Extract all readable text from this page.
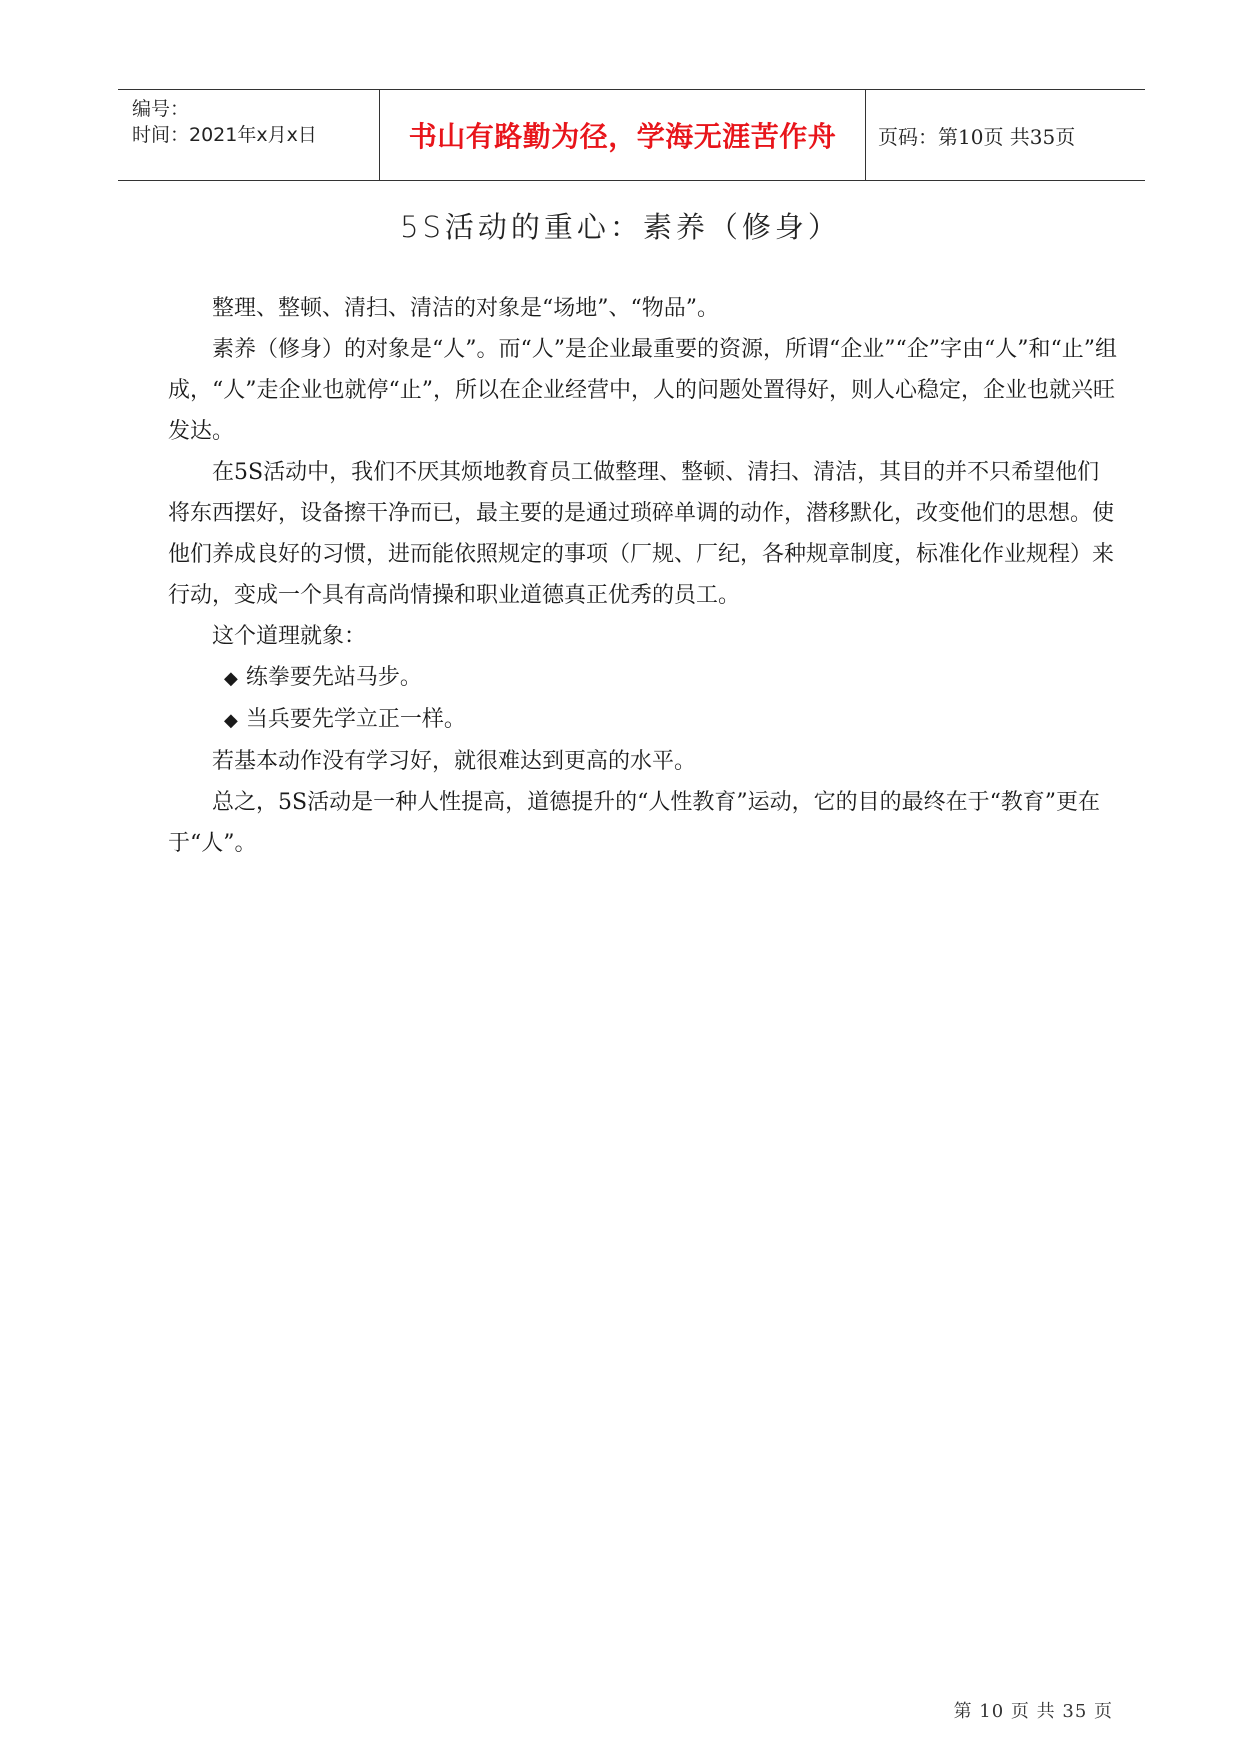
编号：
时间：2021年x月x日	书山有路勤为径，学海无涯苦作舟 页码：第10页 共35页
5S活动的重心：素养（修身）

整理、整顿、清扫、清洁的对象是“场地”、“物品”。

素养（修身）的对象是“人”。而“人”是企业最重要的资源，所谓“企业”“企”字由“人”和“止”组成，“人”走企业也就停“止”，所以在企业经营中，人的问题处置得好，则人心稳定，企业也就兴旺发达。

在5S活动中，我们不厌其烦地教育员工做整理、整顿、清扫、清洁，其目的并不只希望他们将东西摆好，设备擦干净而已，最主要的是通过琐碎单调的动作，潜移默化，改变他们的思想。使他们养成良好的习惯，进而能依照规定的事项（厂规、厂纪，各种规章制度，标准化作业规程）来行动，变成一个具有高尚情操和职业道德真正优秀的员工。

这个道理就象：

◆ 练拳要先站马步。

◆ 当兵要先学立正一样。

若基本动作没有学习好，就很难达到更高的水平。

总之，5S活动是一种人性提高，道德提升的“人性教育”运动，它的目的最终在于“教育”更在于“人”。

第 10 页 共 35 页
